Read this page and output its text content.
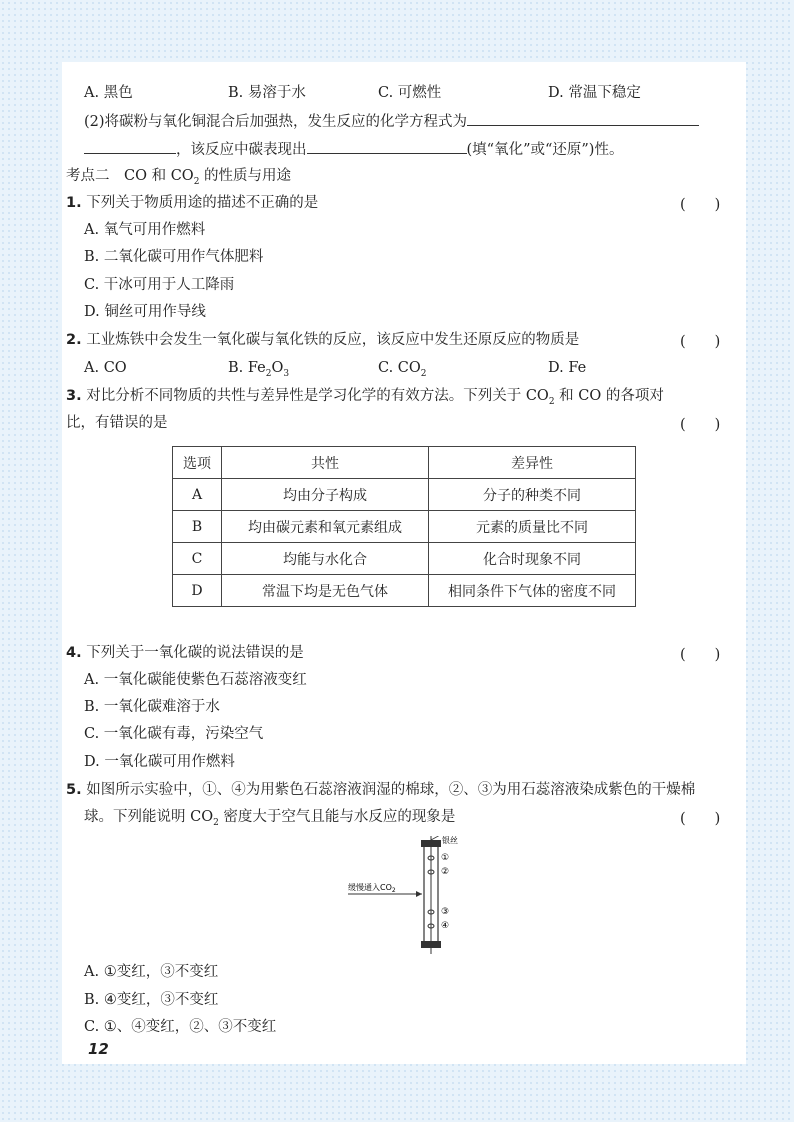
A. 黑色	B. 易溶于水	C. 可燃性	D. 常温下稳定
(2)将碳粉与氧化铜混合后加强热，发生反应的化学方程式为
，该反应中碳表现出	(填“氧化”或“还原”)性。
考点二　CO 和 $CO_2$ 的性质与用途
1. 下列关于物质用途的描述不正确的是	(　　)
A. 氧气可用作燃料
B. 二氧化碳可用作气体肥料
C. 干冰可用于人工降雨
D. 铜丝可用作导线
2. 工业炼铁中会发生一氧化碳与氧化铁的反应，该反应中发生还原反应的物质是	(　　)
A. CO	B. $Fe_2O_3$	C. $CO_2$	D. Fe
3. 对比分析不同物质的共性与差异性是学习化学的有效方法。下列关于 $CO_2$ 和 CO 的各项对
比，有错误的是	(　　)
选项	共性	差异性
A	均由分子构成	分子的种类不同
B	均由碳元素和氧元素组成	元素的质量比不同
C	均能与水化合	化合时现象不同
D	常温下均是无色气体	相同条件下气体的密度不同
4. 下列关于一氧化碳的说法错误的是	(　　)
A. 一氧化碳能使紫色石蕊溶液变红
B. 一氧化碳难溶于水
C. 一氧化碳有毒，污染空气
D. 一氧化碳可用作燃料
5. 如图所示实验中，①、④为用紫色石蕊溶液润湿的棉球，②、③为用石蕊溶液染成紫色的干燥棉
球。下列能说明 $CO_2$ 密度大于空气且能与水反应的现象是	(　　)
银丝
缓慢通入$CO_2$
①
②
③
④
A. ①变红，③不变红
B. ④变红，③不变红
C. ①、④变红，②、③不变红
12
